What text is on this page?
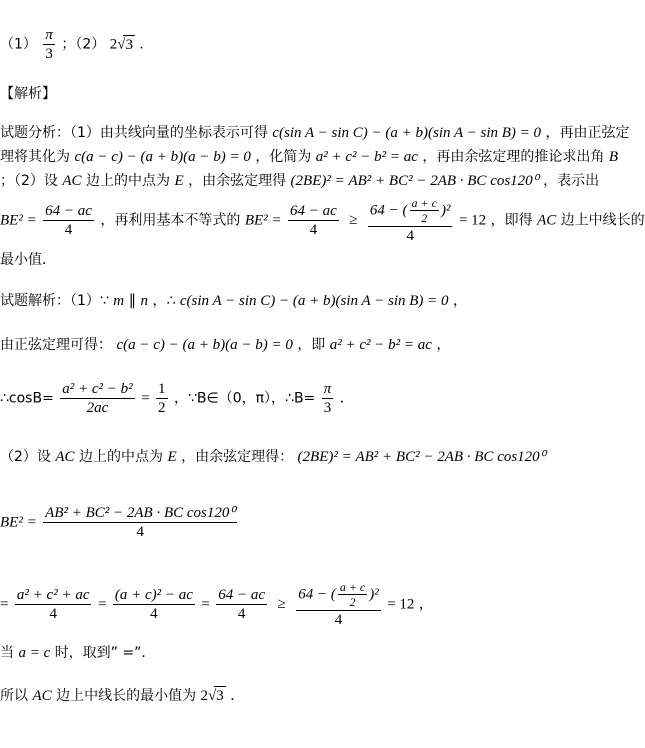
$(1) \frac{\pi}{3}$ ；（2） 2√3 ．
【解析】
试题分析：（1）由共线向量的坐标表示可得 c(sin A − sin C) − (a + b)(sin A − sin B) = 0 ，再由正弦定
理将其化为 c(a − c) − (a + b)(a − b) = 0 ，化简为 a² + c² − b² = ac ，再由余弦定理的推论求出角 B
；（2）设 AC 边上的中点为 E ，由余弦定理得 (2BE)² = AB² + BC² − 2AB · BC cos120⁰ ，表示出
$BE^2 = \frac{64 - ac}{4}$ ，再利用基本不等式的 $BE^2 = \frac{64 - ac}{4} \ge \frac{64 - ( \frac{a + c}{2} )^2}{4} = 12$ ，即得 AC 边上中线长的
最小值．
试题解析：（1）∵ m ∥ n ，∴ c(sin A − sin C) − (a + b)(sin A − sin B) = 0 ，
由正弦定理可得： c(a − c) − (a + b)(a − b) = 0 ，即 a² + c² − b² = ac ，
∴cosB= $\frac{\text{a² + c² − b²}}{2ac} = \frac{1}{2}$ ，∵B∈（0，π），∴B= $\frac{\pi}{3}$ ．
（2）设 AC 边上的中点为 E ，由余弦定理得： (2BE)² = AB² + BC² − 2AB · BC cos120⁰
$BE^2 = \frac{\text{AB² + BC² − 2AB · BC cos120⁰}}{4}$
= $\frac{\text{a² + c² + ac}}{4} = \frac{\text{(a + c)² − ac}}{4} = \frac{64 - ac}{4} \ge \frac{64 - ( \frac{a + c}{2} )^2}{4} = 12$ ，
当 a = c 时，取到” =”．
所以 AC 边上中线长的最小值为 2√3 ．
